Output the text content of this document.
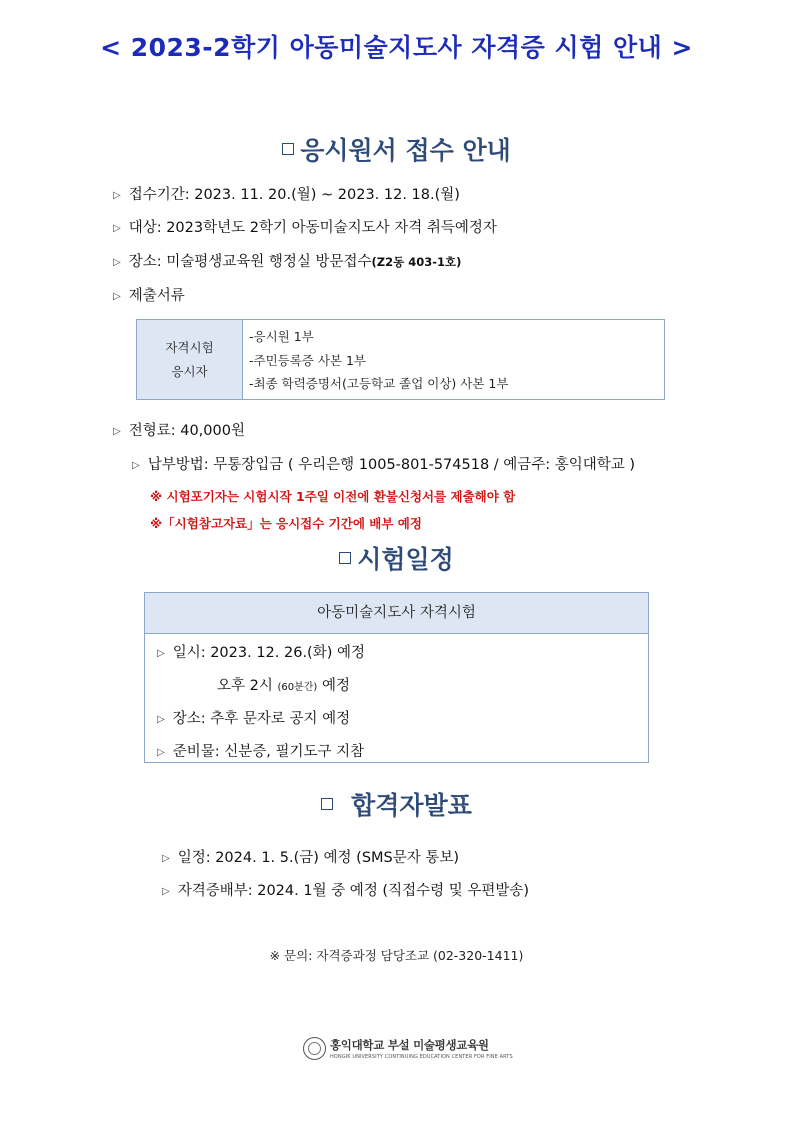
< 2023-2학기 아동미술지도사 자격증 시험 안내 >
응시원서 접수 안내
▷ 접수기간: 2023. 11. 20.(월) ~ 2023. 12. 18.(월)
▷ 대상: 2023학년도 2학기 아동미술지도사 자격 취득예정자
▷ 장소: 미술평생교육원 행정실 방문접수(Z2동 403-1호)
▷ 제출서류
자격시험
응시자
-응시원 1부
-주민등록증 사본 1부
-최종 학력증명서(고등학교 졸업 이상) 사본 1부
▷ 전형료: 40,000원
▷ 납부방법: 무통장입금 ( 우리은행 1005-801-574518 / 예금주: 홍익대학교 )
※ 시험포기자는 시험시작 1주일 이전에 환불신청서를 제출해야 함
※「시험참고자료」는 응시접수 기간에 배부 예정
시험일정
아동미술지도사 자격시험
▷ 일시: 2023. 12. 26.(화) 예정
오후 2시 (60분간) 예정
▷ 장소: 추후 문자로 공지 예정
▷ 준비물: 신분증, 필기도구 지참
합격자발표
▷ 일정: 2024. 1. 5.(금) 예정 (SMS문자 통보)
▷ 자격증배부: 2024. 1월 중 예정 (직접수령 및 우편발송)
※ 문의: 자격증과정 담당조교 (02-320-1411)
홍익대학교 부설 미술평생교육원
HONGIK UNIVERSITY CONTINUING EDUCATION CENTER FOR FINE ARTS
